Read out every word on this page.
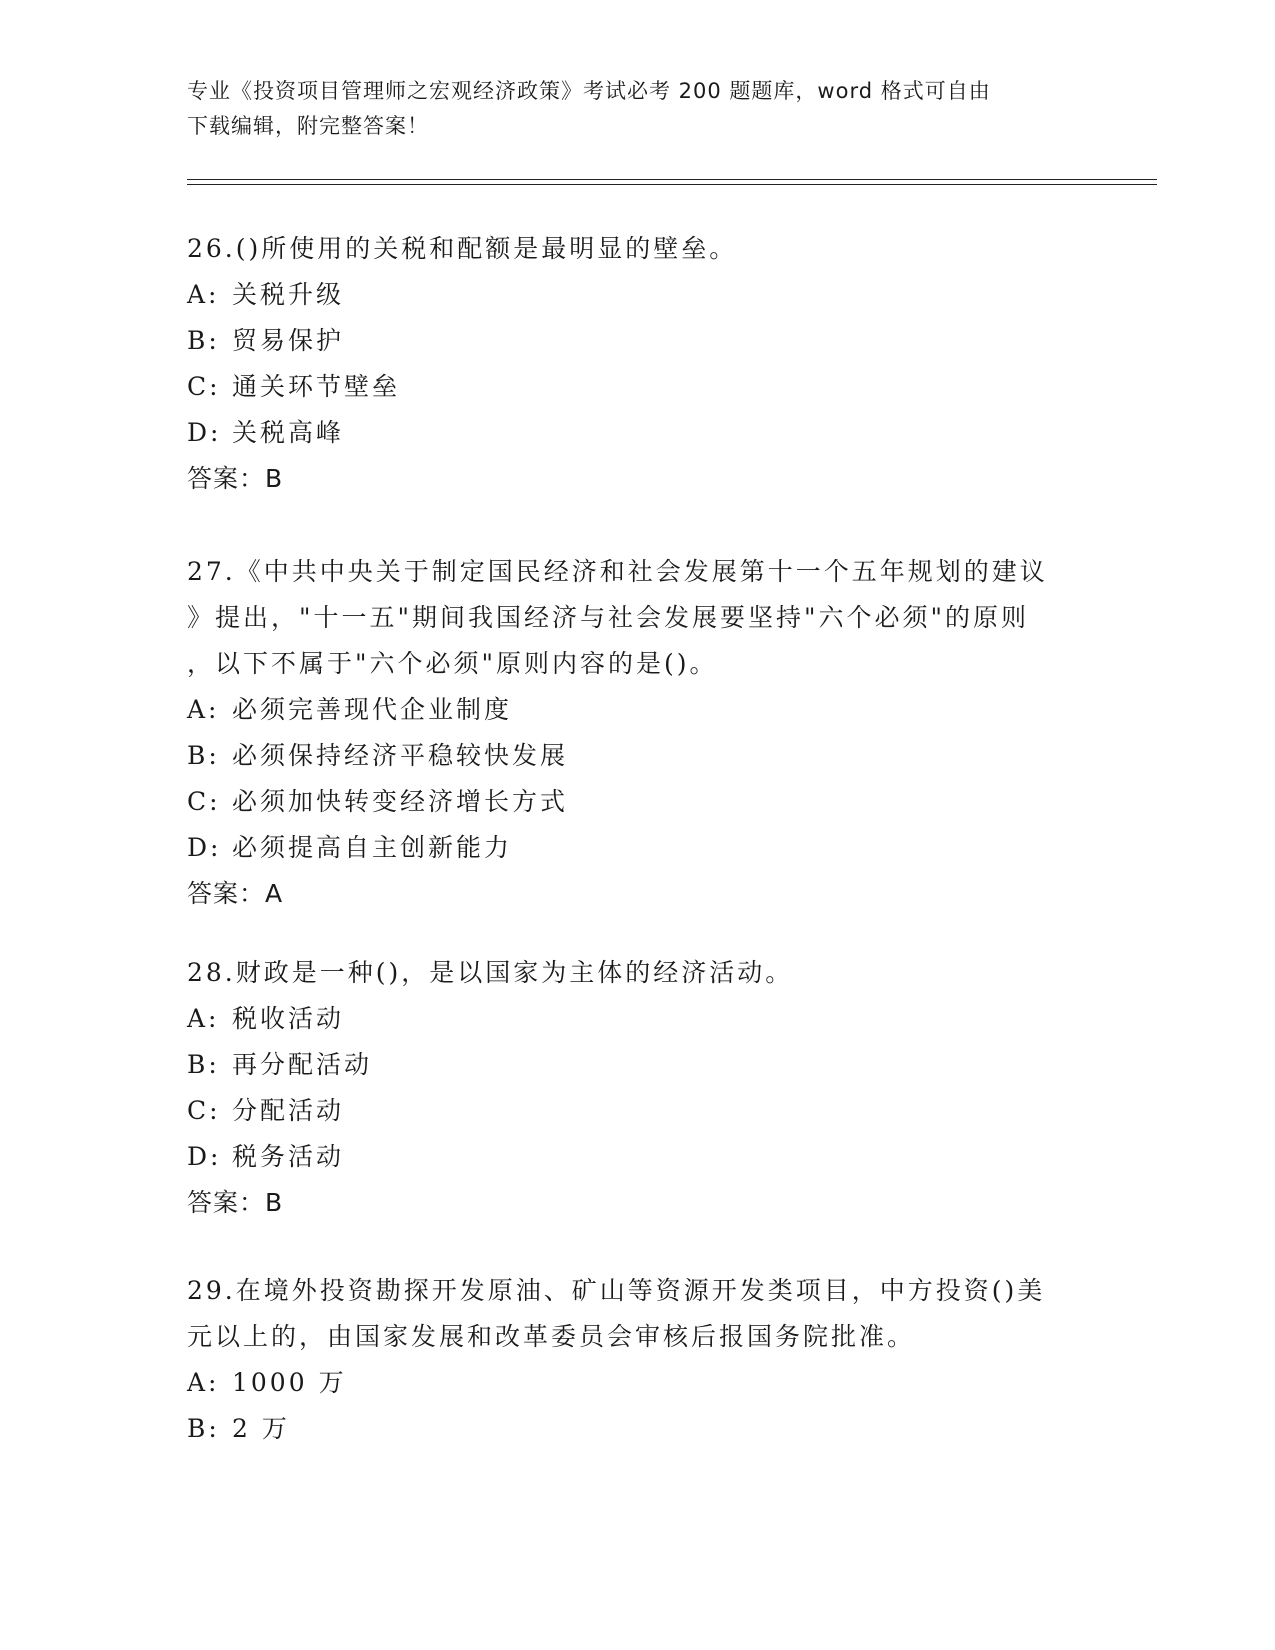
专业《投资项目管理师之宏观经济政策》考试必考 200 题题库，word 格式可自由
下载编辑，附完整答案！
26.()所使用的关税和配额是最明显的壁垒。
A: 关税升级
B: 贸易保护
C: 通关环节壁垒
D: 关税高峰
答案：B
27.《中共中央关于制定国民经济和社会发展第十一个五年规划的建议
》提出，"十一五"期间我国经济与社会发展要坚持"六个必须"的原则
，以下不属于"六个必须"原则内容的是()。
A: 必须完善现代企业制度
B: 必须保持经济平稳较快发展
C: 必须加快转变经济增长方式
D: 必须提高自主创新能力
答案：A
28.财政是一种()，是以国家为主体的经济活动。
A: 税收活动
B: 再分配活动
C: 分配活动
D: 税务活动
答案：B
29.在境外投资勘探开发原油、矿山等资源开发类项目，中方投资()美
元以上的，由国家发展和改革委员会审核后报国务院批准。
A: 1000 万
B: 2 万
